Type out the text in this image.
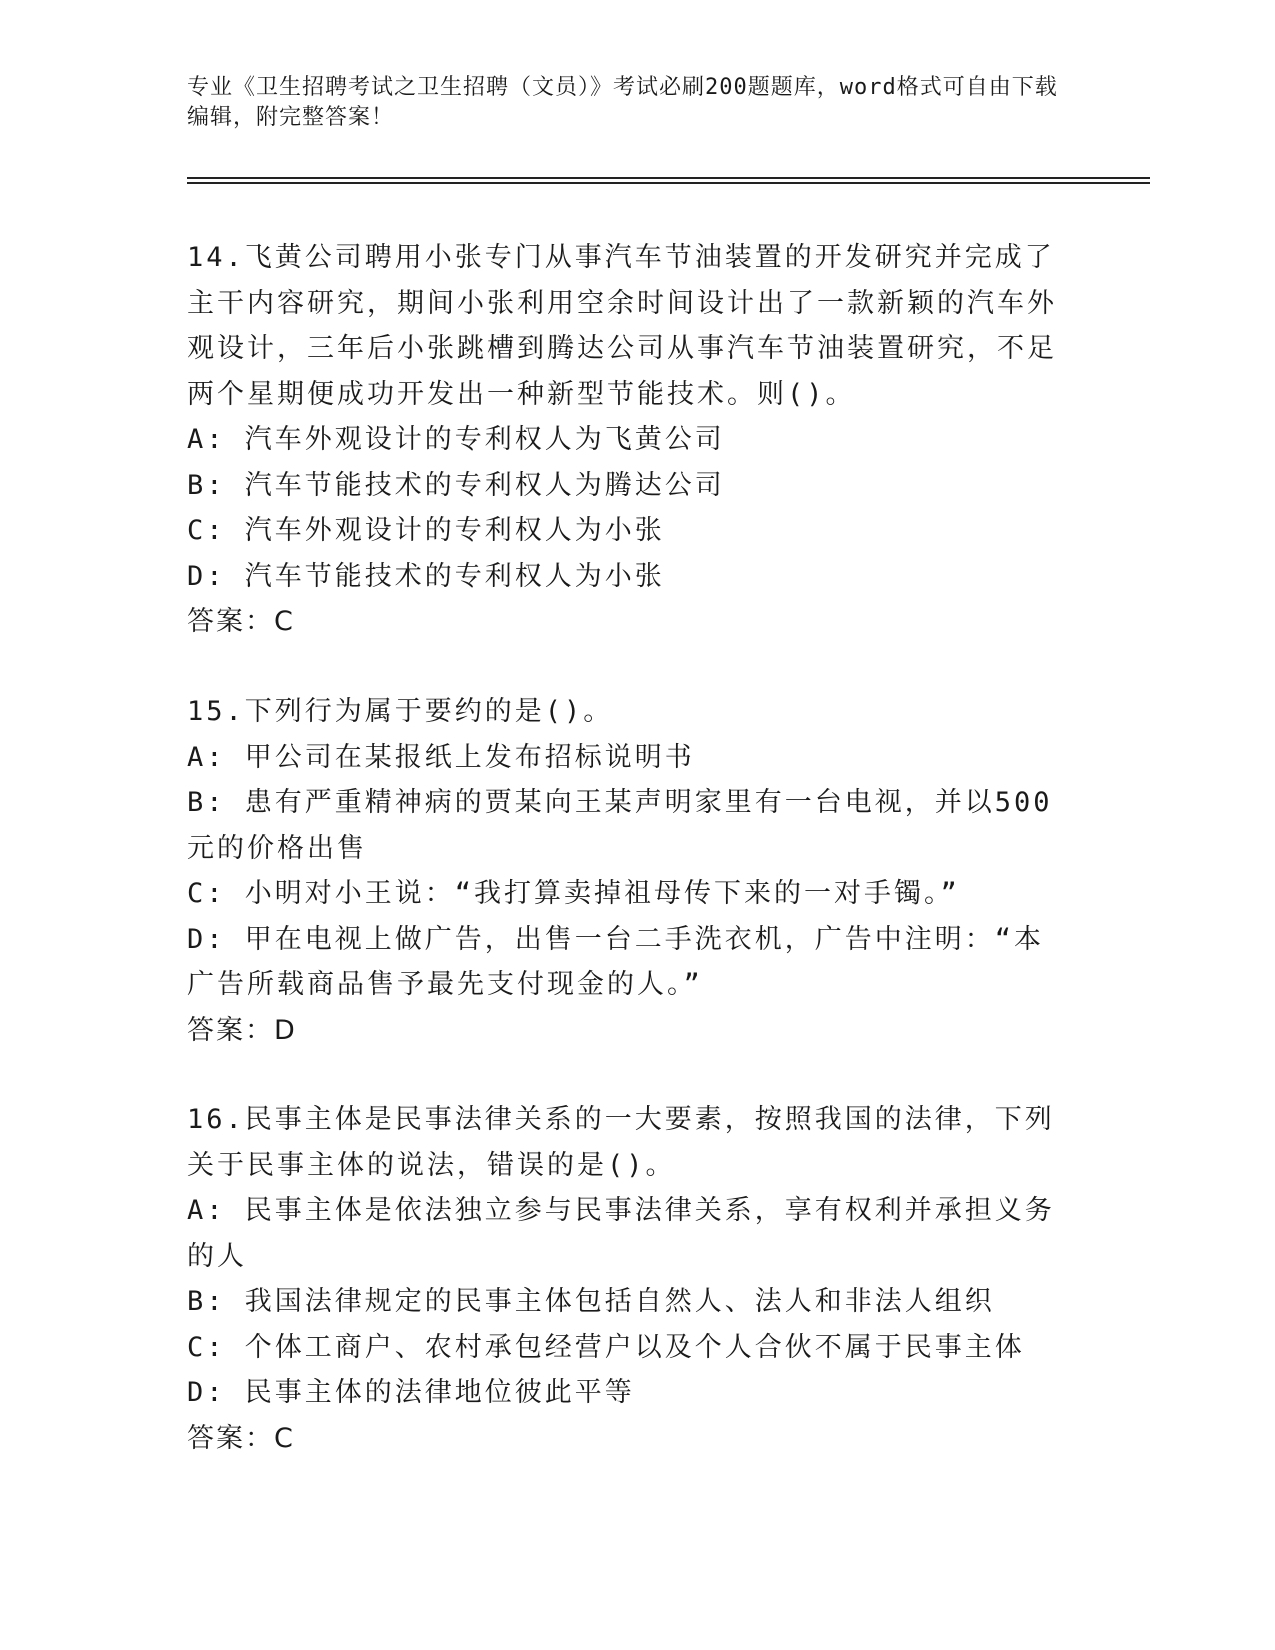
专业《卫生招聘考试之卫生招聘（文员）》考试必刷200题题库，word格式可自由下载编辑，附完整答案！

14.飞黄公司聘用小张专门从事汽车节油装置的开发研究并完成了主干内容研究，期间小张利用空余时间设计出了一款新颖的汽车外观设计，三年后小张跳槽到腾达公司从事汽车节油装置研究，不足两个星期便成功开发出一种新型节能技术。则()。

A: 汽车外观设计的专利权人为飞黄公司

B: 汽车节能技术的专利权人为腾达公司

C: 汽车外观设计的专利权人为小张

D: 汽车节能技术的专利权人为小张

答案：C

15.下列行为属于要约的是()。

A: 甲公司在某报纸上发布招标说明书

B: 患有严重精神病的贾某向王某声明家里有一台电视，并以500元的价格出售

C: 小明对小王说：“我打算卖掉祖母传下来的一对手镯。”

D: 甲在电视上做广告，出售一台二手洗衣机，广告中注明：“本广告所载商品售予最先支付现金的人。”

答案：D

16.民事主体是民事法律关系的一大要素，按照我国的法律，下列关于民事主体的说法，错误的是()。

A: 民事主体是依法独立参与民事法律关系，享有权利并承担义务的人

B: 我国法律规定的民事主体包括自然人、法人和非法人组织

C: 个体工商户、农村承包经营户以及个人合伙不属于民事主体

D: 民事主体的法律地位彼此平等

答案：C
